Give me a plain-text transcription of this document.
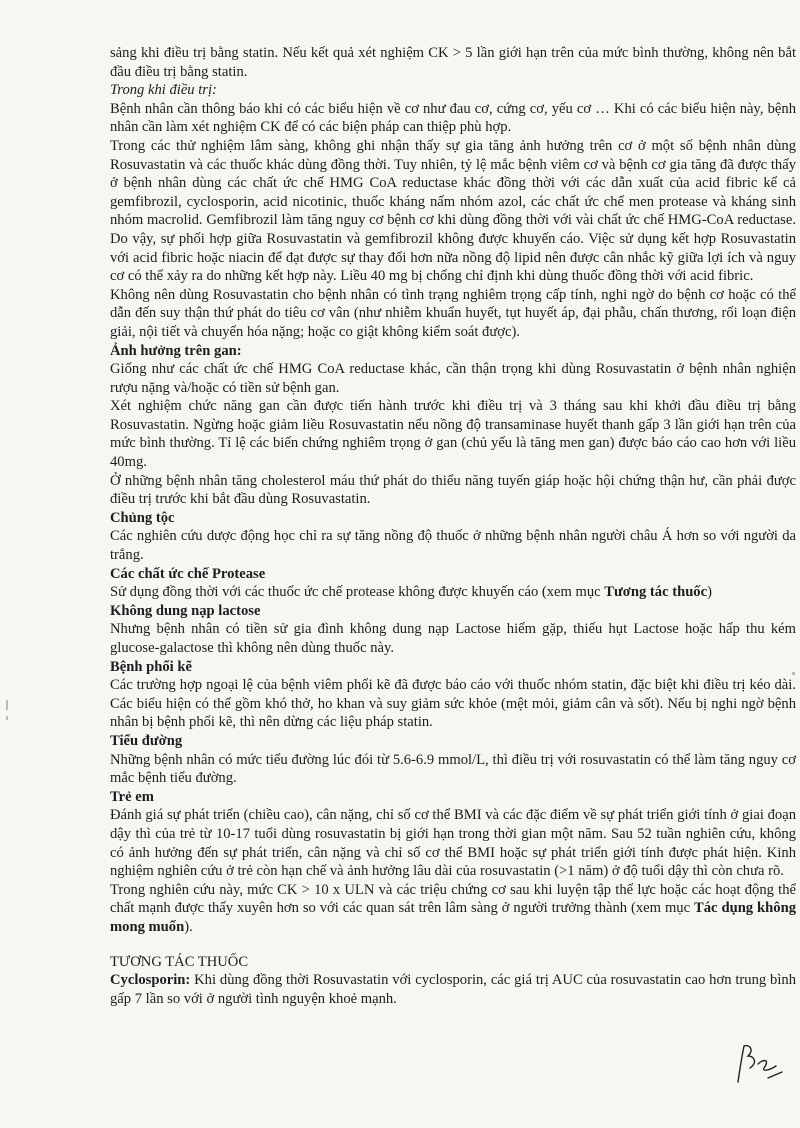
sảng khi điều trị bằng statin. Nếu kết quả xét nghiệm CK > 5 lần giới hạn trên của mức bình thường, không nên bắt đầu điều trị bằng statin.

Trong khi điều trị:

Bệnh nhân cần thông báo khi có các biểu hiện về cơ như đau cơ, cứng cơ, yếu cơ … Khi có các biểu hiện này, bệnh nhân cần làm xét nghiệm CK để có các biện pháp can thiệp phù hợp.

Trong các thử nghiệm lâm sàng, không ghi nhận thấy sự gia tăng ảnh hưởng trên cơ ở một số bệnh nhân dùng Rosuvastatin và các thuốc khác dùng đồng thời. Tuy nhiên, tỷ lệ mắc bệnh viêm cơ và bệnh cơ gia tăng đã được thấy ở bệnh nhân dùng các chất ức chế HMG CoA reductase khác đồng thời với các dẫn xuất của acid fibric kể cả gemfibrozil, cyclosporin, acid nicotinic, thuốc kháng nấm nhóm azol, các chất ức chế men protease và kháng sinh nhóm macrolid. Gemfibrozil làm tăng nguy cơ bệnh cơ khi dùng đồng thời với vài chất ức chế HMG-CoA reductase. Do vậy, sự phối hợp giữa Rosuvastatin và gemfibrozil không được khuyến cáo. Việc sử dụng kết hợp Rosuvastatin với acid fibric hoặc niacin để đạt được sự thay đổi hơn nữa nồng độ lipid nên được cân nhắc kỹ giữa lợi ích và nguy cơ có thể xảy ra do những kết hợp này. Liều 40 mg bị chống chỉ định khi dùng thuốc đồng thời với acid fibric.

Không nên dùng Rosuvastatin cho bệnh nhân có tình trạng nghiêm trọng cấp tính, nghi ngờ do bệnh cơ hoặc có thể dẫn đến suy thận thứ phát do tiêu cơ vân (như nhiễm khuẩn huyết, tụt huyết áp, đại phẫu, chấn thương, rối loạn điện giải, nội tiết và chuyển hóa nặng; hoặc co giật không kiểm soát được).

Ảnh hưởng trên gan:

Giống như các chất ức chế HMG CoA reductase khác, cần thận trọng khi dùng Rosuvastatin ở bệnh nhân nghiện rượu nặng và/hoặc có tiền sử bệnh gan.

Xét nghiệm chức năng gan cần được tiến hành trước khi điều trị và 3 tháng sau khi khởi đầu điều trị bằng Rosuvastatin. Ngừng hoặc giảm liều Rosuvastatin nếu nồng độ transaminase huyết thanh gấp 3 lần giới hạn trên của mức bình thường. Tỉ lệ các biến chứng nghiêm trọng ở gan (chủ yếu là tăng men gan) được báo cáo cao hơn với liều 40mg.

Ở những bệnh nhân tăng cholesterol máu thứ phát do thiểu năng tuyến giáp hoặc hội chứng thận hư, cần phải được điều trị trước khi bắt đầu dùng Rosuvastatin.

Chủng tộc

Các nghiên cứu dược động học chỉ ra sự tăng nồng độ thuốc ở những bệnh nhân người châu Á hơn so với người da trắng.

Các chất ức chế Protease

Sử dụng đồng thời với các thuốc ức chế protease không được khuyến cáo (xem mục Tương tác thuốc)

Không dung nạp lactose

Nhưng bệnh nhân có tiền sử gia đình không dung nạp Lactose hiếm gặp, thiếu hụt Lactose hoặc hấp thu kém glucose-galactose thì không nên dùng thuốc này.

Bệnh phổi kẽ

Các trường hợp ngoại lệ của bệnh viêm phổi kẽ đã được báo cáo với thuốc nhóm statin, đặc biệt khi điều trị kéo dài. Các biểu hiện có thể gồm khó thở, ho khan và suy giảm sức khỏe (mệt mỏi, giảm cân và sốt). Nếu bị nghi ngờ bệnh nhân bị bệnh phổi kẽ, thì nên dừng các liệu pháp statin.

Tiểu đường

Những bệnh nhân có mức tiểu đường lúc đói từ 5.6-6.9 mmol/L, thì điều trị với rosuvastatin có thể làm tăng nguy cơ mắc bệnh tiểu đường.

Trẻ em

Đánh giá sự phát triển (chiều cao), cân nặng, chỉ số cơ thể BMI và các đặc điểm về sự phát triển giới tính ở giai đoạn dậy thì của trẻ từ 10-17 tuổi dùng rosuvastatin bị giới hạn trong thời gian một năm. Sau 52 tuần nghiên cứu, không có ảnh hưởng đến sự phát triển, cân nặng và chỉ số cơ thể BMI hoặc sự phát triển giới tính được phát hiện. Kinh nghiệm nghiên cứu ở trẻ còn hạn chế và ảnh hưởng lâu dài của rosuvastatin (>1 năm) ở độ tuổi dậy thì còn chưa rõ.

Trong nghiên cứu này, mức CK > 10 x ULN và các triệu chứng cơ sau khi luyện tập thể lực hoặc các hoạt động thể chất mạnh được thấy xuyên hơn so với các quan sát trên lâm sàng ở người trưởng thành (xem mục Tác dụng không mong muốn).

TƯƠNG TÁC THUỐC

Cyclosporin: Khi dùng đồng thời Rosuvastatin với cyclosporin, các giá trị AUC của rosuvastatin cao hơn trung bình gấp 7 lần so với ở người tình nguyện khoẻ mạnh.
